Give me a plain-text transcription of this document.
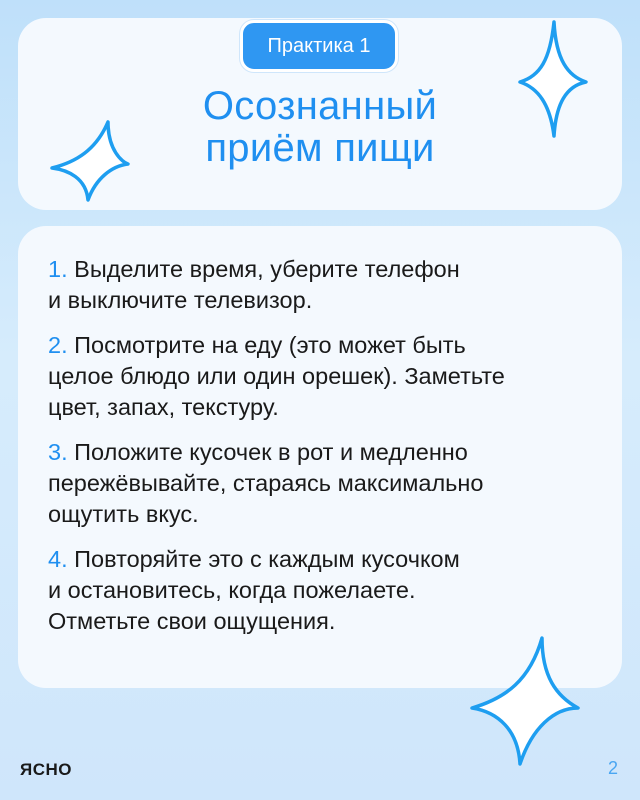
Практика 1
Осознанный
приём пищи
1. Выделите время, уберите телефон
и выключите телевизор.
2. Посмотрите на еду (это может быть
целое блюдо или один орешек). Заметьте
цвет, запах, текстуру.
3. Положите кусочек в рот и медленно
пережёвывайте, стараясь максимально
ощутить вкус.
4. Повторяйте это с каждым кусочком
и остановитесь, когда пожелаете.
Отметьте свои ощущения.
ЯСНО	2
